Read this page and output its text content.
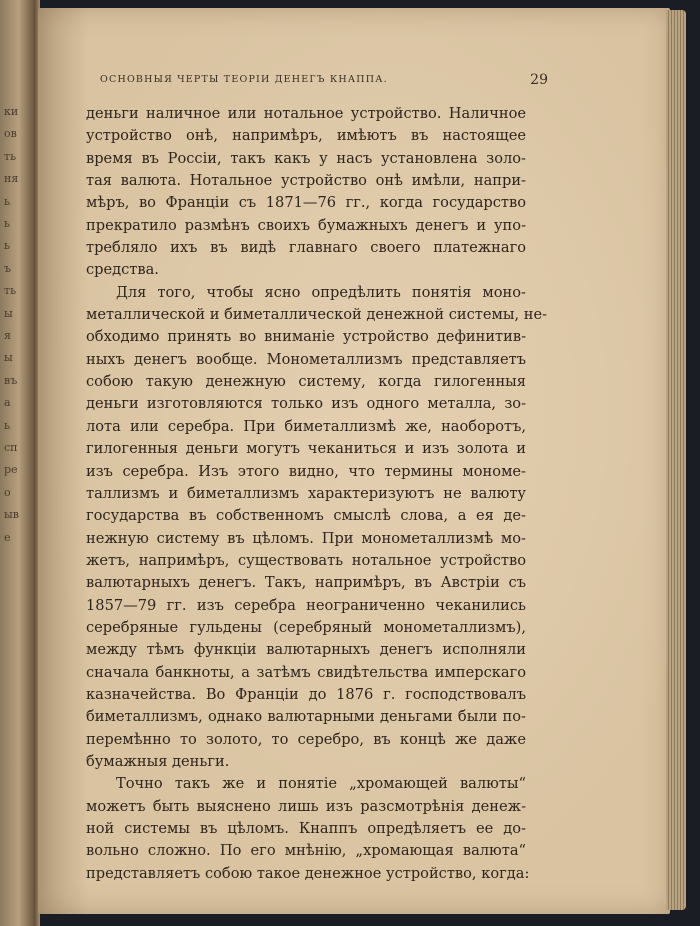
ки
ов
ть
ня
ь
ь
ь
ъ
ть
ы
я
ы
въ
а
ь
сп
ре
о
ыв
е
ОСНОВНЫЯ ЧЕРТЫ ТЕОРІИ ДЕНЕГЪ КНАППА.	29
деньги наличное или нотальное устройство. Наличное
устройство онѣ, напримѣръ, имѣютъ въ настоящее
время въ Россіи, такъ какъ у насъ установлена золо-
тая валюта. Нотальное устройство онѣ имѣли, напри-
мѣръ, во Франціи съ 1871—76 гг., когда государство
прекратило размѣнъ своихъ бумажныхъ денегъ и упо-
требляло ихъ въ видѣ главнаго своего платежнаго
средства.
Для того, чтобы ясно опредѣлить понятія моно-
металлической и биметаллической денежной системы, не-
обходимо принять во вниманіе устройство дефинитив-
ныхъ денегъ вообще. Монометаллизмъ представляетъ
собою такую денежную систему, когда гилогенныя
деньги изготовляются только изъ одного металла, зо-
лота или серебра. При биметаллизмѣ же, наоборотъ,
гилогенныя деньги могутъ чеканиться и изъ золота и
изъ серебра. Изъ этого видно, что термины мономе-
таллизмъ и биметаллизмъ характеризуютъ не валюту
государства въ собственномъ смыслѣ слова, а ея де-
нежную систему въ цѣломъ. При монометаллизмѣ мо-
жетъ, напримѣръ, существовать нотальное устройство
валютарныхъ денегъ. Такъ, напримѣръ, въ Австріи съ
1857—79 гг. изъ серебра неограниченно чеканились
серебряные гульдены (серебряный монометаллизмъ),
между тѣмъ функціи валютарныхъ денегъ исполняли
сначала банкноты, а затѣмъ свидѣтельства имперскаго
казначейства. Во Франціи до 1876 г. господствовалъ
биметаллизмъ, однако валютарными деньгами были по-
перемѣнно то золото, то серебро, въ концѣ же даже
бумажныя деньги.
Точно такъ же и понятіе „хромающей валюты“
можетъ быть выяснено лишь изъ разсмотрѣнія денеж-
ной системы въ цѣломъ. Кнаппъ опредѣляетъ ее до-
вольно сложно. По его мнѣнію, „хромающая валюта“
представляетъ собою такое денежное устройство, когда:
